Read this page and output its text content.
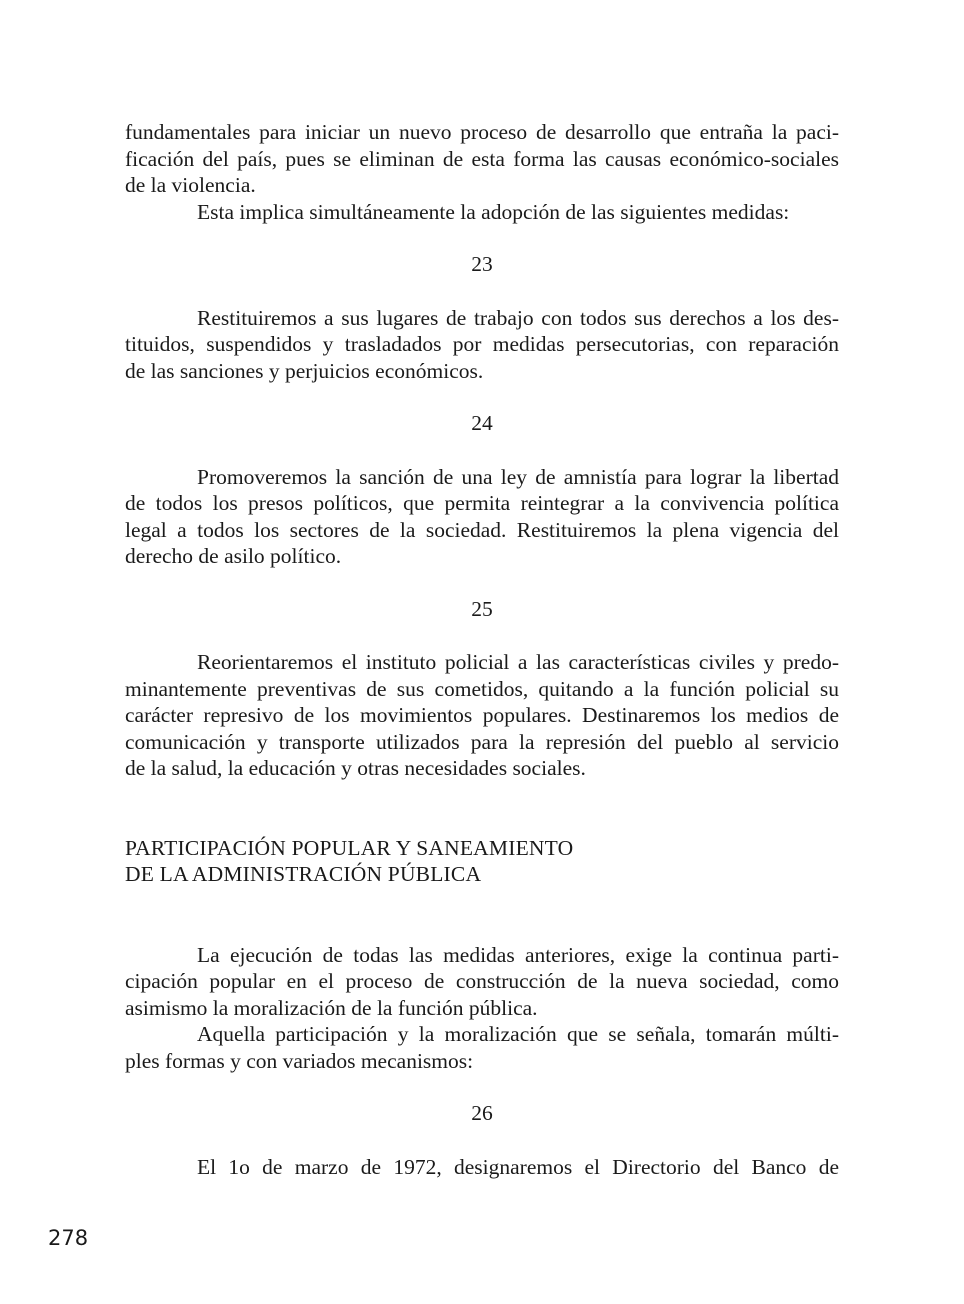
fundamentales para iniciar un nuevo proceso de desarrollo que entraña la paci-
ficación del país, pues se eliminan de esta forma las causas económico-sociales
de la violencia.
Esta implica simultáneamente la adopción de las siguientes medidas:

23

Restituiremos a sus lugares de trabajo con todos sus derechos a los des-
tituidos, suspendidos y trasladados por medidas persecutorias, con reparación
de las sanciones y perjuicios económicos.

24

Promoveremos la sanción de una ley de amnistía para lograr la libertad
de todos los presos políticos, que permita reintegrar a la convivencia política
legal a todos los sectores de la sociedad. Restituiremos la plena vigencia del
derecho de asilo político.

25

Reorientaremos el instituto policial a las características civiles y predo-
minantemente preventivas de sus cometidos, quitando a la función policial su
carácter represivo de los movimientos populares. Destinaremos los medios de
comunicación y transporte utilizados para la represión del pueblo al servicio
de la salud, la educación y otras necesidades sociales.

PARTICIPACIÓN POPULAR Y SANEAMIENTO
DE LA ADMINISTRACIÓN PÚBLICA

La ejecución de todas las medidas anteriores, exige la continua parti-
cipación popular en el proceso de construcción de la nueva sociedad, como
asimismo la moralización de la función pública.

Aquella participación y la moralización que se señala, tomarán múlti-
ples formas y con variados mecanismos:

26

El 1o de marzo de 1972, designaremos el Directorio del Banco de

278
